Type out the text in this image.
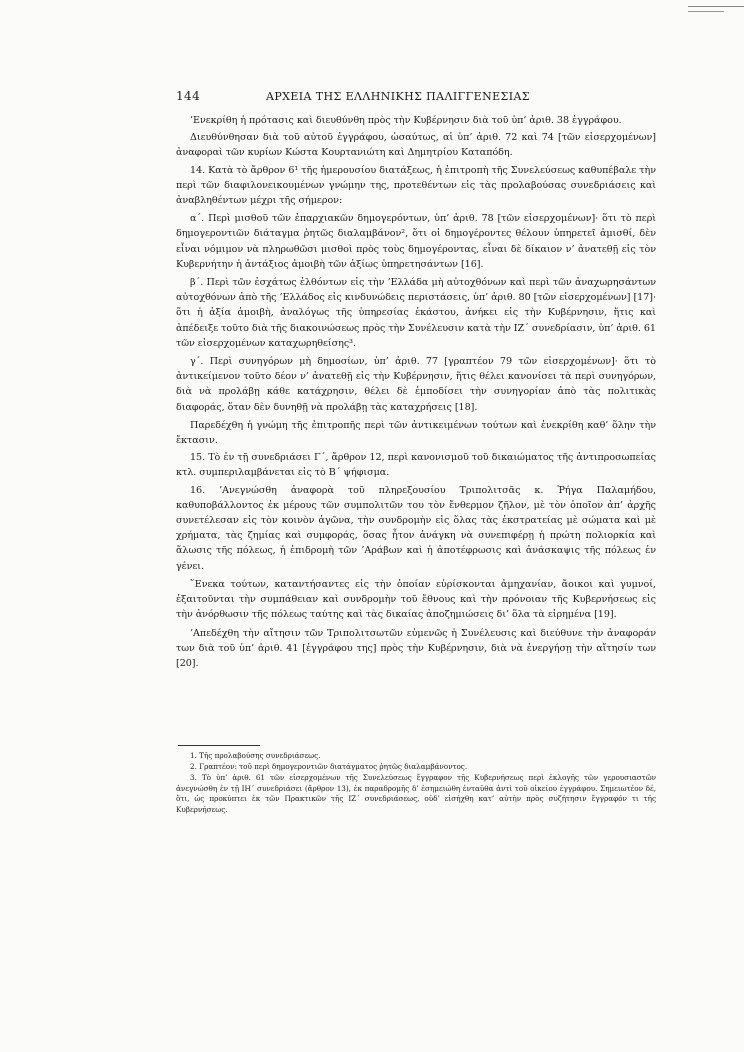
144	ΑΡΧΕΙΑ ΤΗΣ ΕΛΛΗΝΙΚΗΣ ΠΑΛΙΓΓΕΝΕΣΙΑΣ

’Ενεκρίθη ἡ πρότασις καὶ διευθύνθη πρὸς τὴν Κυβέρνησιν διὰ τοῦ ὑπ’ ἀριθ. 38 ἐγγράφου.

Διευθύνθησαν διὰ τοῦ αὐτοῦ ἐγγράφου, ὡσαύτως, αἱ ὑπ’ ἀριθ. 72 καὶ 74 [τῶν εἰσερχομένων] ἀναφοραὶ τῶν κυρίων Κώστα Κουρτανιώτη καὶ Δημητρίου Καταπόδη.

14. Κατὰ τὸ ἄρθρον 6¹ τῆς ἡμερουσίου διατάξεως, ἡ ἐπιτροπὴ τῆς Συνελεύσεως καθυπέβαλε τὴν περὶ τῶν διαφιλονεικουμένων γνώμην της, προτεθέντων εἰς τὰς προλαβούσας συνεδριάσεις καὶ ἀναβληθέντων μέχρι τῆς σήμερον:

α΄. Περὶ μισθοῦ τῶν ἐπαρχιακῶν δημογερόντων, ὑπ’ ἀριθ. 78 [τῶν εἰσερχομένων]· ὅτι τὸ περὶ δημογεροντιῶν διάταγμα ῥητῶς διαλαμβάνον², ὅτι οἱ δημογέροντες θέλουν ὑπηρετεῖ ἀμισθί, δὲν εἶναι νόμιμον νὰ πληρωθῶσι μισθοὶ πρὸς τοὺς δημογέροντας, εἶναι δὲ δίκαιον ν’ ἀνατεθῇ εἰς τὸν Κυβερνήτην ἡ ἀντάξιος ἀμοιβὴ τῶν ἀξίως ὑπηρετησάντων [16].

β΄. Περὶ τῶν ἐσχάτως ἐλθόντων εἰς τὴν ’Ελλάδα μὴ αὐτοχθόνων καὶ περὶ τῶν ἀναχωρησάντων αὐτοχθόνων ἀπὸ τῆς ’Ελλάδος εἰς κινδυνώδεις περιστάσεις, ὑπ’ ἀριθ. 80 [τῶν εἰσερχομένων] [17]· ὅτι ἡ ἀξία ἀμοιβὴ, ἀναλόγως τῆς ὑπηρεσίας ἑκάστου, ἀνήκει εἰς τὴν Κυβέρνησιν, ἥτις καὶ ἀπέδειξε τοῦτο διὰ τῆς διακοινώσεως πρὸς τὴν Συνέλευσιν κατὰ τὴν ΙΖ΄ συνεδρίασιν, ὑπ’ ἀριθ. 61 τῶν εἰσερχομένων καταχωρηθείσης³.

γ΄. Περὶ συνηγόρων μὴ δημοσίων, ὑπ’ ἀριθ. 77 [γραπτέον 79 τῶν εἰσερχομένων]· ὅτι τὸ ἀντικείμενον τοῦτο δέον ν’ ἀνατεθῇ εἰς τὴν Κυβέρνησιν, ἥτις θέλει κανονίσει τὰ περὶ συνηγόρων, διὰ νὰ προλάβῃ κάθε κατάχρησιν, θέλει δὲ ἐμποδίσει τὴν συνηγορίαν ἀπὸ τὰς πολιτικὰς διαφοράς, ὅταν δὲν δυνηθῇ νὰ προλάβῃ τὰς καταχρήσεις [18].

Παρεδέχθη ἡ γνώμη τῆς ἐπιτροπῆς περὶ τῶν ἀντικειμένων τούτων καὶ ἐνεκρίθη καθ’ ὅλην τὴν ἔκτασιν.

15. Τὸ ἐν τῇ συνεδριάσει Γ΄, ἄρθρον 12, περὶ κανονισμοῦ τοῦ δικαιώματος τῆς ἀντιπροσωπείας κτλ. συμπεριλαμβάνεται εἰς τὸ Β΄ ψήφισμα.

16. ’Ανεγνώσθη ἀναφορὰ τοῦ πληρεξουσίου Τριπολιτσᾶς κ. Ῥήγα Παλαμήδου, καθυποβάλλοντος ἐκ μέρους τῶν συμπολιτῶν του τὸν ἔνθερμον ζῆλον, μὲ τὸν ὁποῖον ἀπ’ ἀρχῆς συνετέλεσαν εἰς τὸν κοινὸν ἀγῶνα, τὴν συνδρομὴν εἰς ὅλας τὰς ἐκστρατείας μὲ σώματα καὶ μὲ χρήματα, τὰς ζημίας καὶ συμφοράς, ὅσας ἦτον ἀνάγκη νὰ συνεπιφέρῃ ἡ πρώτη πολιορκία καὶ ἅλωσις τῆς πόλεως, ἡ ἐπιδρομὴ τῶν ’Αράβων καὶ ἡ ἀποτέφρωσις καὶ ἀνάσκαψις τῆς πόλεως ἐν γένει.

῞Ενεκα τούτων, καταντήσαντες εἰς τὴν ὁποίαν εὑρίσκονται ἀμηχανίαν, ἄοικοι καὶ γυμνοί, ἐξαιτοῦνται τὴν συμπάθειαν καὶ συνδρομὴν τοῦ ἔθνους καὶ τὴν πρόνοιαν τῆς Κυβερνήσεως εἰς τὴν ἀνόρθωσιν τῆς πόλεως ταύτης καὶ τὰς δικαίας ἀποζημιώσεις δι’ ὅλα τὰ εἰρημένα [19].

’Απεδέχθη τὴν αἴτησιν τῶν Τριπολιτσωτῶν εὐμενῶς ἡ Συνέλευσις καὶ διεύθυνε τὴν ἀναφοράν των διὰ τοῦ ὑπ’ ἀριθ. 41 [ἐγγράφου της] πρὸς τὴν Κυβέρνησιν, διὰ νὰ ἐνεργήσῃ τὴν αἴτησίν των [20].

1. Τῆς προλαβούσης συνεδριάσεως.

2. Γραπτέον: τοῦ περὶ δημογεροντιῶν διατάγματος ῥητῶς διαλαμβάνοντος.

3. Τὸ ὑπ’ ἀριθ. 61 τῶν εἰσερχομένων τῆς Συνελεύσεως ἔγγραφον τῆς Κυβερνήσεως περὶ ἐκλογῆς τῶν γερουσιαστῶν ἀνεγνώσθη ἐν τῇ ΙΗ΄ συνεδριάσει (ἄρθρον 13), ἐκ παραδρομῆς δ’ ἐσημειώθη ἐνταῦθα ἀντὶ τοῦ οἰκείου ἐγγράφου. Σημειωτέον δέ, ὅτι, ὡς προκύπτει ἐκ τῶν Πρακτικῶν τῆς ΙΖ΄ συνεδριάσεως, οὐδ’ εἰσήχθη κατ’ αὐτὴν πρὸς συζήτησιν ἔγγραφόν τι τῆς Κυβερνήσεως.
